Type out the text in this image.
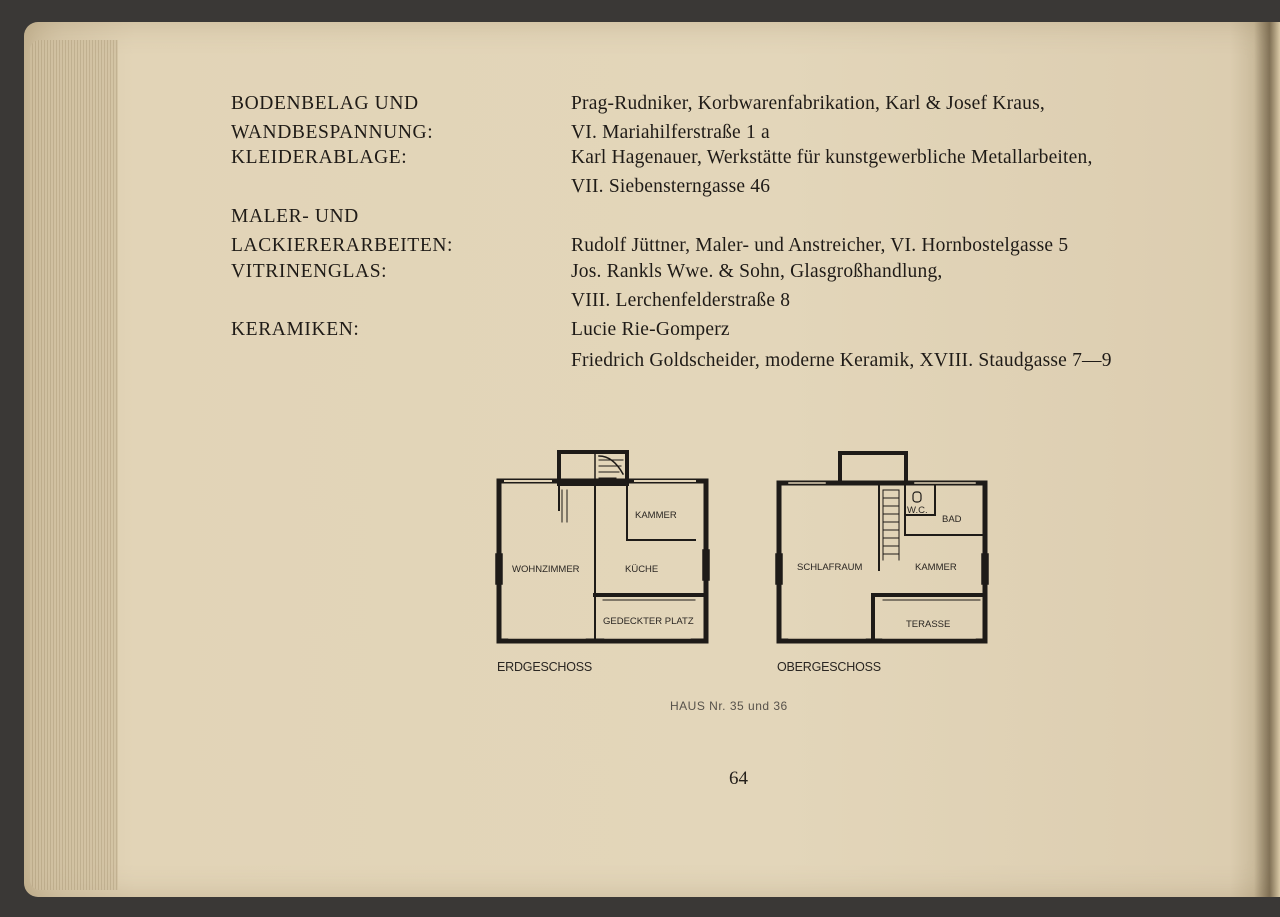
BODENBELAG UND
WANDBESPANNUNG:
Prag-Rudniker, Korbwarenfabrikation, Karl & Josef Kraus,
VI. Mariahilferstraße 1 a
KLEIDERABLAGE:	Karl Hagenauer, Werkstätte für kunstgewerbliche Metallarbeiten,
VII. Siebensterngasse 46
MALER- UND
LACKIERERARBEITEN:	Rudolf Jüttner, Maler- und Anstreicher, VI. Hornbostelgasse 5
VITRINENGLAS:	Jos. Rankls Wwe. & Sohn, Glasgroßhandlung,
VIII. Lerchenfelderstraße 8
KERAMIKEN:	Lucie Rie-Gomperz
Friedrich Goldscheider, moderne Keramik, XVIII. Staudgasse 7—9
KAMMER
WOHNZIMMER	KÜCHE
GEDECKTER PLATZ
W.C.
BAD
SCHLAFRAUM	KAMMER
TERASSE
ERDGESCHOSS	OBERGESCHOSS
HAUS Nr. 35 und 36
64
